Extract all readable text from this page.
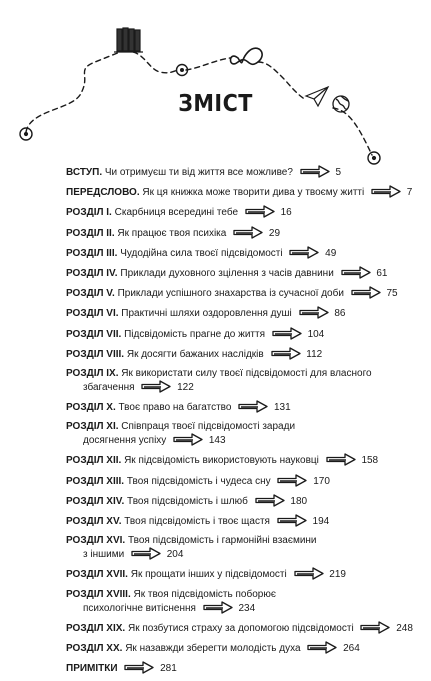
ЗМІСТ
ВСТУП. Чи отримуєш ти від життя все можливе?	5
ПЕРЕДСЛОВО. Як ця книжка може творити дива у твоєму житті	7
РОЗДІЛ I. Скарбниця всередині тебе	16
РОЗДІЛ II. Як працює твоя психіка	29
РОЗДІЛ III. Чудодійна сила твоєї підсвідомості	49
РОЗДІЛ IV. Приклади духовного зцілення з часів давнини	61
РОЗДІЛ V. Приклади успішного знахарства із сучасної доби	75
РОЗДІЛ VI. Практичні шляхи оздоровлення душі	86
РОЗДІЛ VII. Підсвідомість прагне до життя	104
РОЗДІЛ VIII. Як досягти бажаних наслідків	112
РОЗДІЛ IX. Як використати силу твоєї підсвідомості для власного
збагачення	122
РОЗДІЛ X. Твоє право на багатство	131
РОЗДІЛ XI. Співпраця твоєї підсвідомості заради
досягнення успіху	143
РОЗДІЛ XII. Як підсвідомість використовують науковці	158
РОЗДІЛ XIII. Твоя підсвідомість і чудеса сну	170
РОЗДІЛ XIV. Твоя підсвідомість і шлюб	180
РОЗДІЛ XV. Твоя підсвідомість і твоє щастя	194
РОЗДІЛ XVI. Твоя підсвідомість і гармонійні взаємини
з іншими	204
РОЗДІЛ XVII. Як прощати інших у підсвідомості	219
РОЗДІЛ XVIII. Як твоя підсвідомість поборює
психологічне витіснення	234
РОЗДІЛ XIX. Як позбутися страху за допомогою підсвідомості	248
РОЗДІЛ XX. Як назавжди зберегти молодість духа	264
ПРИМІТКИ	281
